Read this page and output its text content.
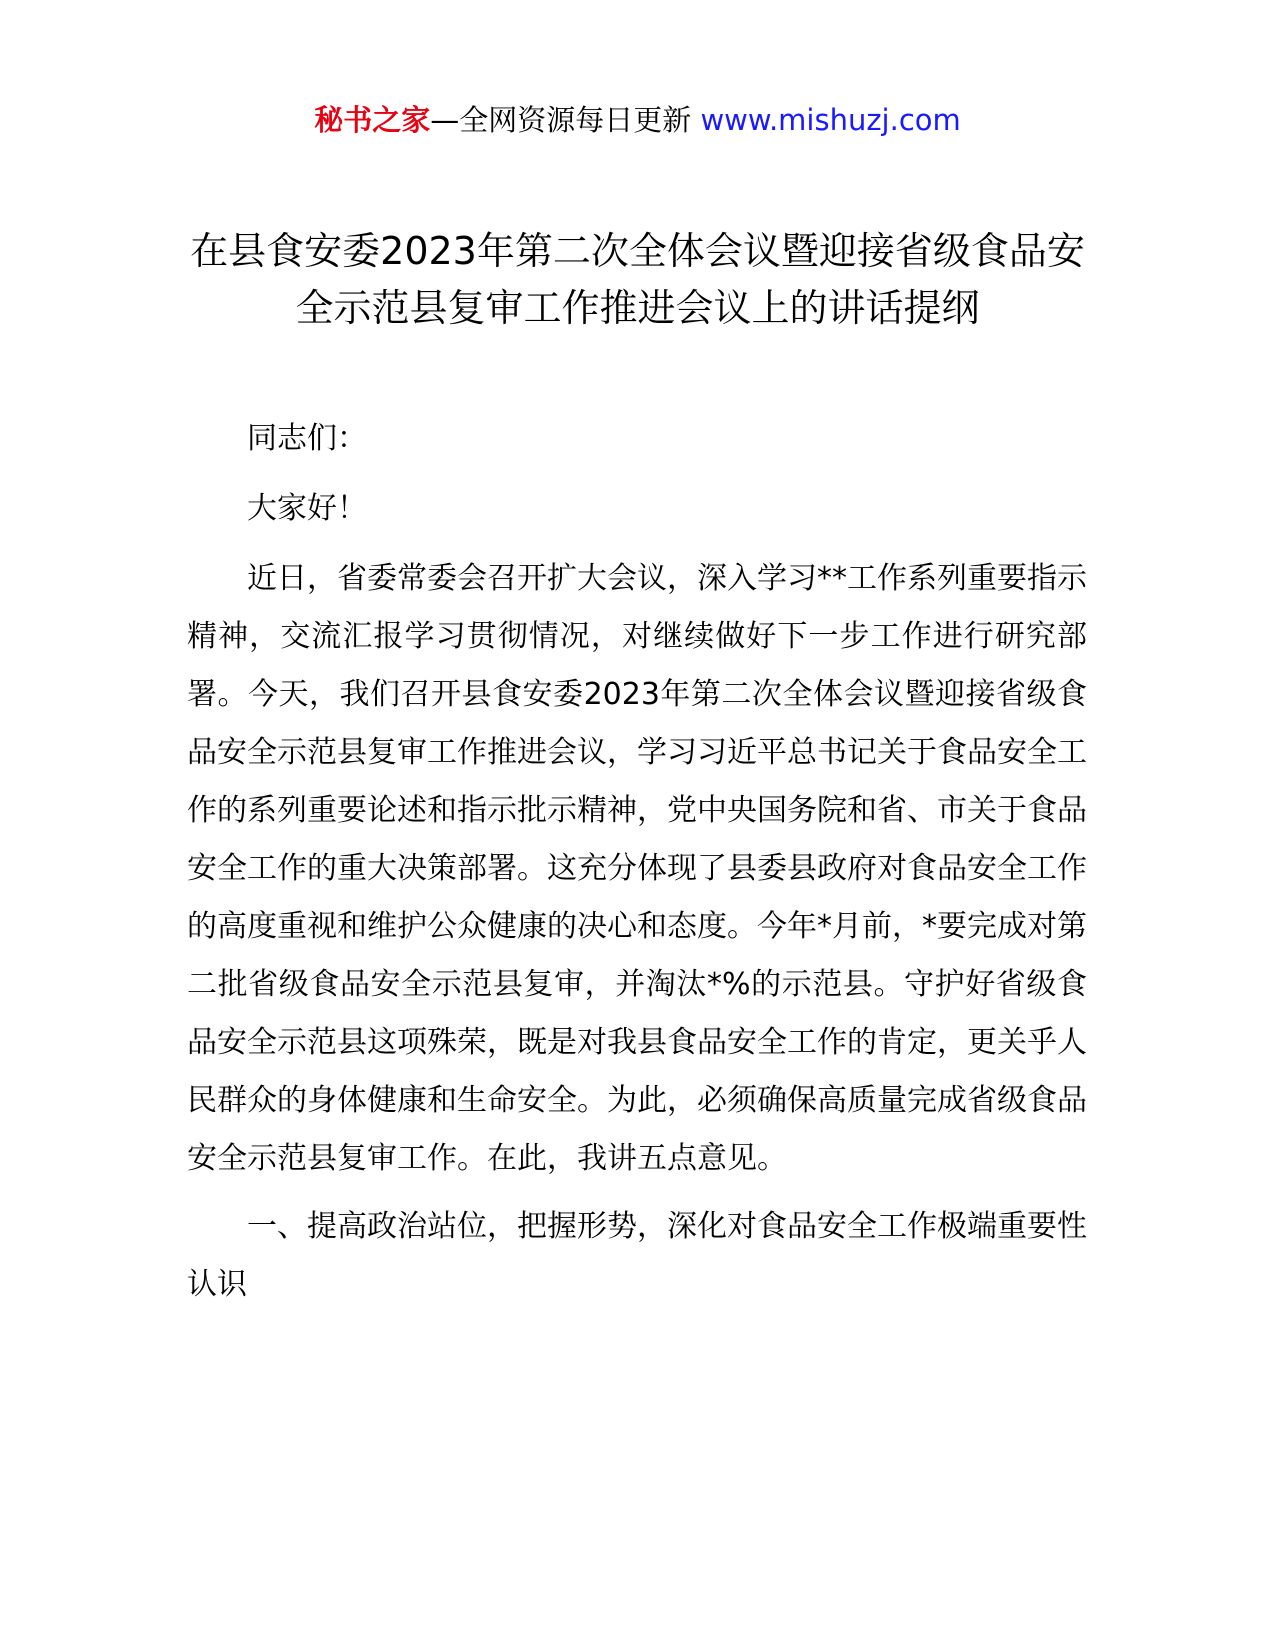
秘书之家—全网资源每日更新 www.mishuzj.com
在县食安委2023年第二次全体会议暨迎接省级食品安全示范县复审工作推进会议上的讲话提纲

同志们：

大家好！

近日，省委常委会召开扩大会议，深入学习**工作系列重要指示精神，交流汇报学习贯彻情况，对继续做好下一步工作进行研究部署。今天，我们召开县食安委2023年第二次全体会议暨迎接省级食品安全示范县复审工作推进会议，学习习近平总书记关于食品安全工作的系列重要论述和指示批示精神，党中央国务院和省、市关于食品安全工作的重大决策部署。这充分体现了县委县政府对食品安全工作的高度重视和维护公众健康的决心和态度。今年*月前，*要完成对第二批省级食品安全示范县复审，并淘汰*%的示范县。守护好省级食品安全示范县这项殊荣，既是对我县食品安全工作的肯定，更关乎人民群众的身体健康和生命安全。为此，必须确保高质量完成省级食品安全示范县复审工作。在此，我讲五点意见。

一、提高政治站位，把握形势，深化对食品安全工作极端重要性认识
